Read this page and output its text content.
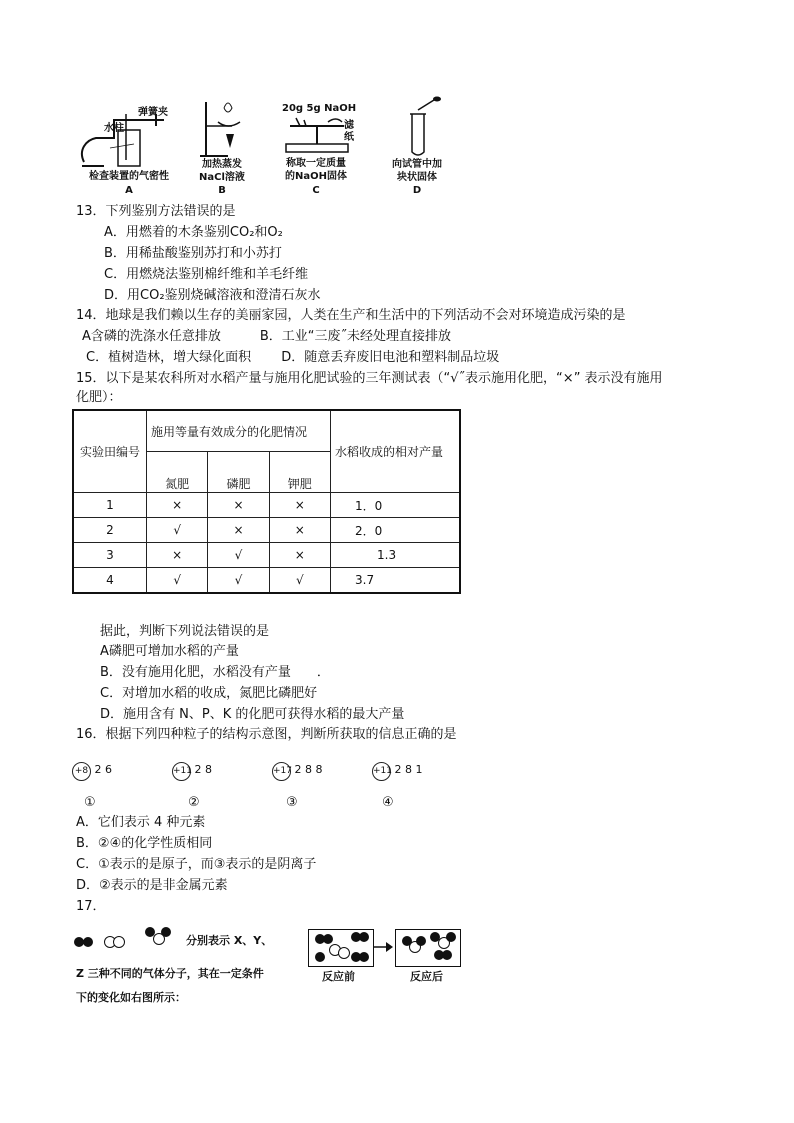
弹簧夹
水柱
检查装置的气密性
A
加热蒸发
NaCl溶液
B
20g 5g NaOH
滤
纸
称取一定质量
的NaOH固体
C
向试管中加
块状固体
D
13．下列鉴别方法错误的是
A．用燃着的木条鉴别CO₂和O₂
B．用稀盐酸鉴别苏打和小苏打
C．用燃烧法鉴别棉纤维和羊毛纤维
D．用CO₂鉴别烧碱溶液和澄清石灰水
14．地球是我们赖以生存的美丽家园，人类在生产和生活中的下列活动不会对环境造成污染的是
A含磷的洗涤水任意排放　　　B．工业“三废˝未经处理直接排放
C．植树造林，增大绿化面积　　 D．随意丢弃废旧电池和塑料制品垃圾
15．以下是某农科所对水稻产量与施用化肥试验的三年测试表（“√˝表示施用化肥，“×” 表示没有施用
化肥）：
实验田编号	施用等量有效成分的化肥情况			水稻收成的相对产量
	氮肥	磷肥	钾肥	
1	×	×	×	1．0
2	√	×	×	2．0
3	×	√	×	1.3
4	√	√	√	3.7
据此，判断下列说法错误的是
A磷肥可增加水稻的产量
B．没有施用化肥，水稻没有产量　　．
C．对增加水稻的收成，氮肥比磷肥好
D．施用含有 N、P、K 的化肥可获得水稻的最大产量
16．根据下列四种粒子的结构示意图，判断所获取的信息正确的是
+8 2 6	+11 2 8	+17 2 8 8	+11 2 8 1
①	②	③	④
A．它们表示 4 种元素
B．②④的化学性质相同
C．①表示的是原子，而③表示的是阴离子
D．②表示的是非金属元素
17．
分别表示 X、Y、
Z 三种不同的气体分子，其在一定条件
下的变化如右图所示：
反应前	反应后
